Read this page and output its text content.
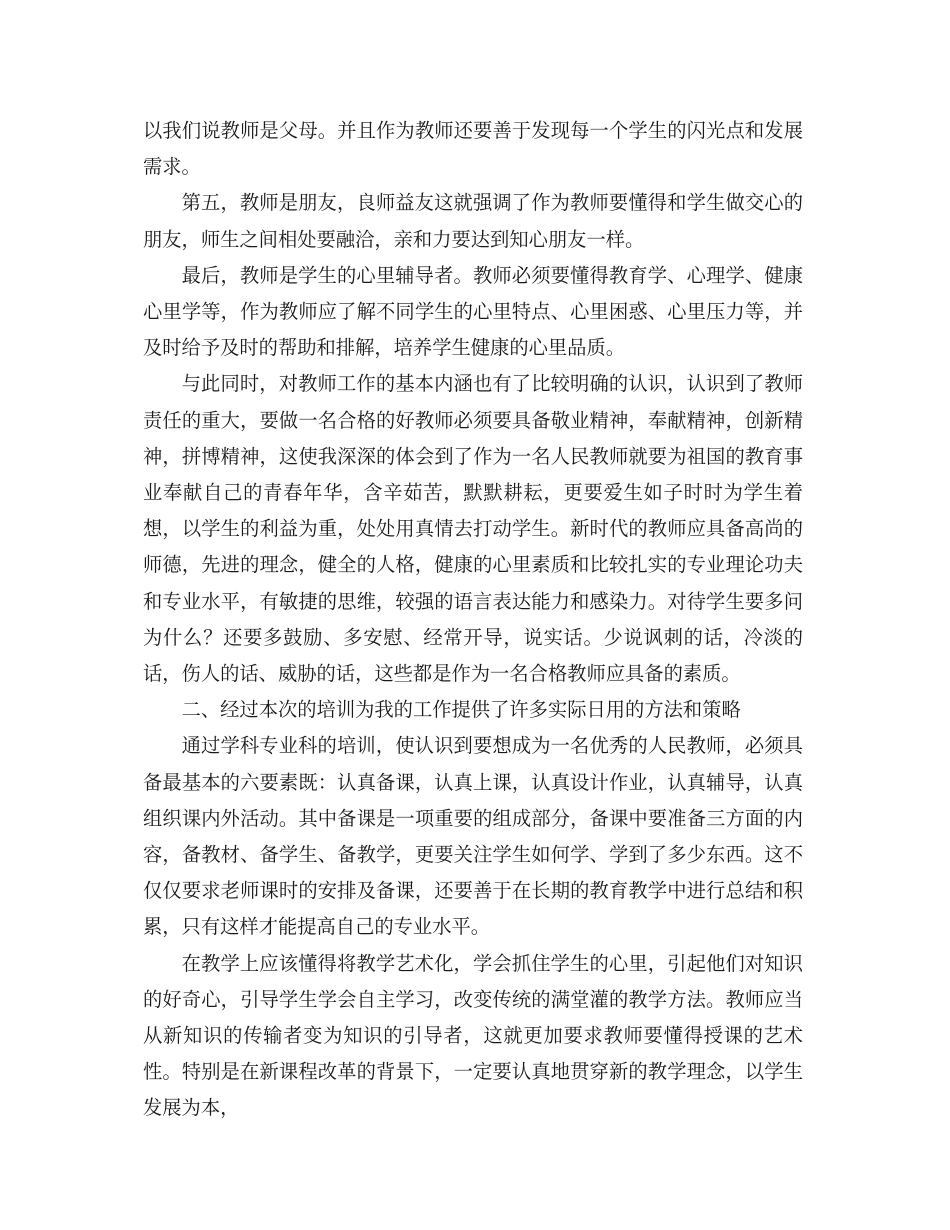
以我们说教师是父母。并且作为教师还要善于发现每一个学生的闪光点和发展需求。

第五，教师是朋友，良师益友这就强调了作为教师要懂得和学生做交心的朋友，师生之间相处要融洽，亲和力要达到知心朋友一样。

最后，教师是学生的心里辅导者。教师必须要懂得教育学、心理学、健康心里学等，作为教师应了解不同学生的心里特点、心里困惑、心里压力等，并及时给予及时的帮助和排解，培养学生健康的心里品质。

与此同时，对教师工作的基本内涵也有了比较明确的认识，认识到了教师责任的重大，要做一名合格的好教师必须要具备敬业精神，奉献精神，创新精神，拼博精神，这使我深深的体会到了作为一名人民教师就要为祖国的教育事业奉献自己的青春年华，含辛茹苦，默默耕耘，更要爱生如子时时为学生着想，以学生的利益为重，处处用真情去打动学生。新时代的教师应具备高尚的师德，先进的理念，健全的人格，健康的心里素质和比较扎实的专业理论功夫和专业水平，有敏捷的思维，较强的语言表达能力和感染力。对待学生要多问为什么？还要多鼓励、多安慰、经常开导，说实话。少说讽刺的话，冷淡的话，伤人的话、威胁的话，这些都是作为一名合格教师应具备的素质。

二、经过本次的培训为我的工作提供了许多实际日用的方法和策略

通过学科专业科的培训，使认识到要想成为一名优秀的人民教师，必须具备最基本的六要素既：认真备课，认真上课，认真设计作业，认真辅导，认真组织课内外活动。其中备课是一项重要的组成部分，备课中要准备三方面的内容，备教材、备学生、备教学，更要关注学生如何学、学到了多少东西。这不仅仅要求老师课时的安排及备课，还要善于在长期的教育教学中进行总结和积累，只有这样才能提高自己的专业水平。

在教学上应该懂得将教学艺术化，学会抓住学生的心里，引起他们对知识的好奇心，引导学生学会自主学习，改变传统的满堂灌的教学方法。教师应当从新知识的传输者变为知识的引导者，这就更加要求教师要懂得授课的艺术性。特别是在新课程改革的背景下，一定要认真地贯穿新的教学理念，以学生发展为本，
